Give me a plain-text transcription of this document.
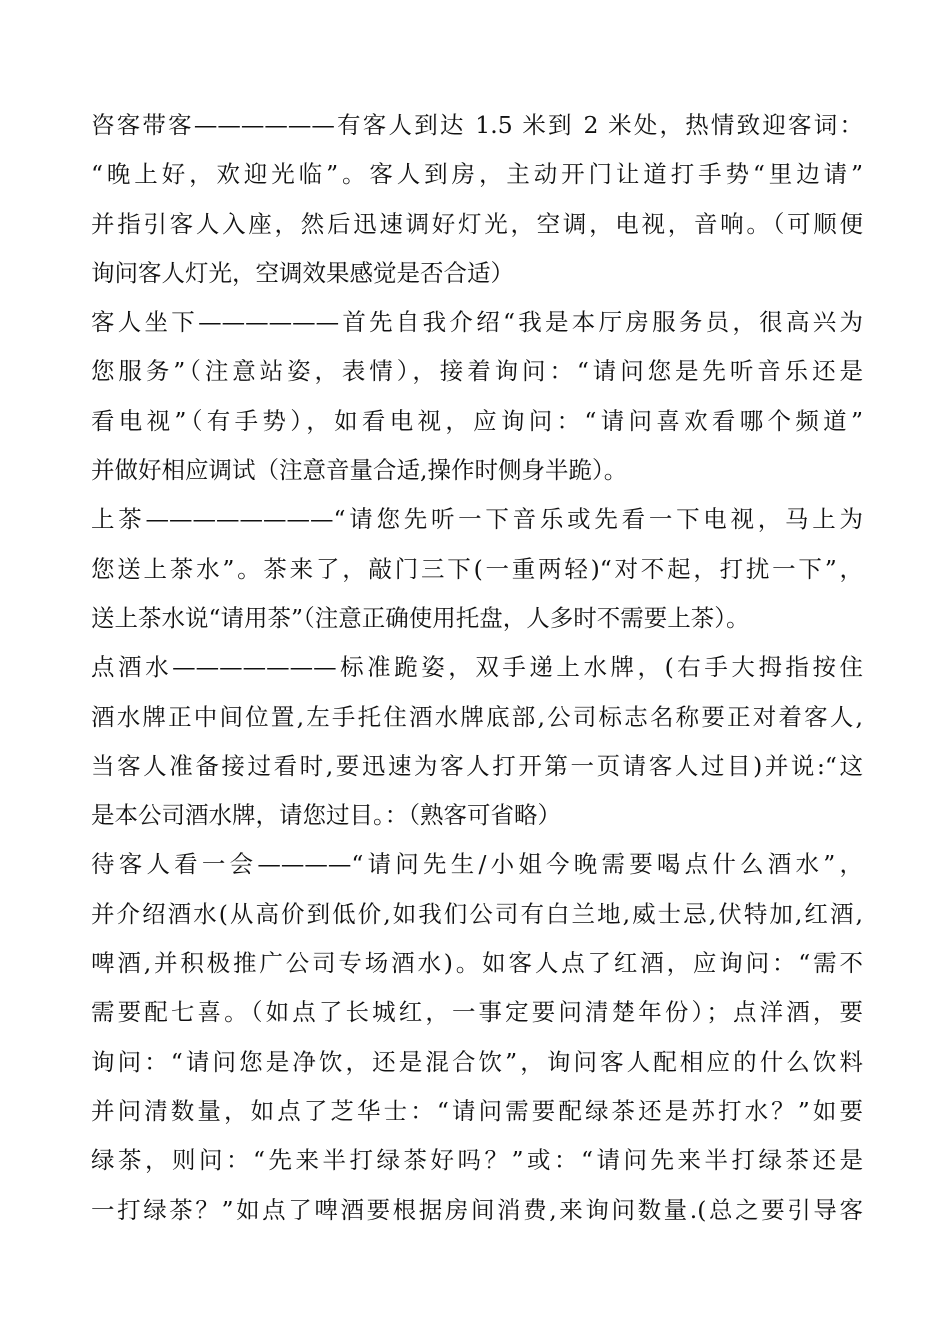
咨客带客——————有客人到达 1.5 米到 2 米处，热情致迎客词：
“晚上好，欢迎光临”。客人到房，主动开门让道打手势“里边请”
并指引客人入座，然后迅速调好灯光，空调，电视，音响。（可顺便
询问客人灯光，空调效果感觉是否合适）
客人坐下——————首先自我介绍“我是本厅房服务员，很高兴为
您服务”（注意站姿，表情），接着询问：“请问您是先听音乐还是
看电视”（有手势），如看电视，应询问：“请问喜欢看哪个频道”
并做好相应调试（注意音量合适,操作时侧身半跪）。
上茶————————“请您先听一下音乐或先看一下电视，马上为
您送上茶水”。茶来了，敲门三下(一重两轻)“对不起，打扰一下”，
送上茶水说“请用茶”（注意正确使用托盘，人多时不需要上茶）。
点酒水———————标准跪姿，双手递上水牌，(右手大拇指按住
酒水牌正中间位置,左手托住酒水牌底部,公司标志名称要正对着客人,
当客人准备接过看时,要迅速为客人打开第一页请客人过目)并说:“这
是本公司酒水牌，请您过目。：（熟客可省略）
待客人看一会————“请问先生/小姐今晚需要喝点什么酒水”，
并介绍酒水(从高价到低价,如我们公司有白兰地,威士忌,伏特加,红酒,
啤酒,并积极推广公司专场酒水)。如客人点了红酒，应询问：“需不
需要配七喜。（如点了长城红，一事定要问清楚年份）；点洋酒，要
询问：“请问您是净饮，还是混合饮”，询问客人配相应的什么饮料
并问清数量，如点了芝华士：“请问需要配绿茶还是苏打水？”如要
绿茶，则问：“先来半打绿茶好吗？”或：“请问先来半打绿茶还是
一打绿茶？”如点了啤酒要根据房间消费,来询问数量.(总之要引导客
